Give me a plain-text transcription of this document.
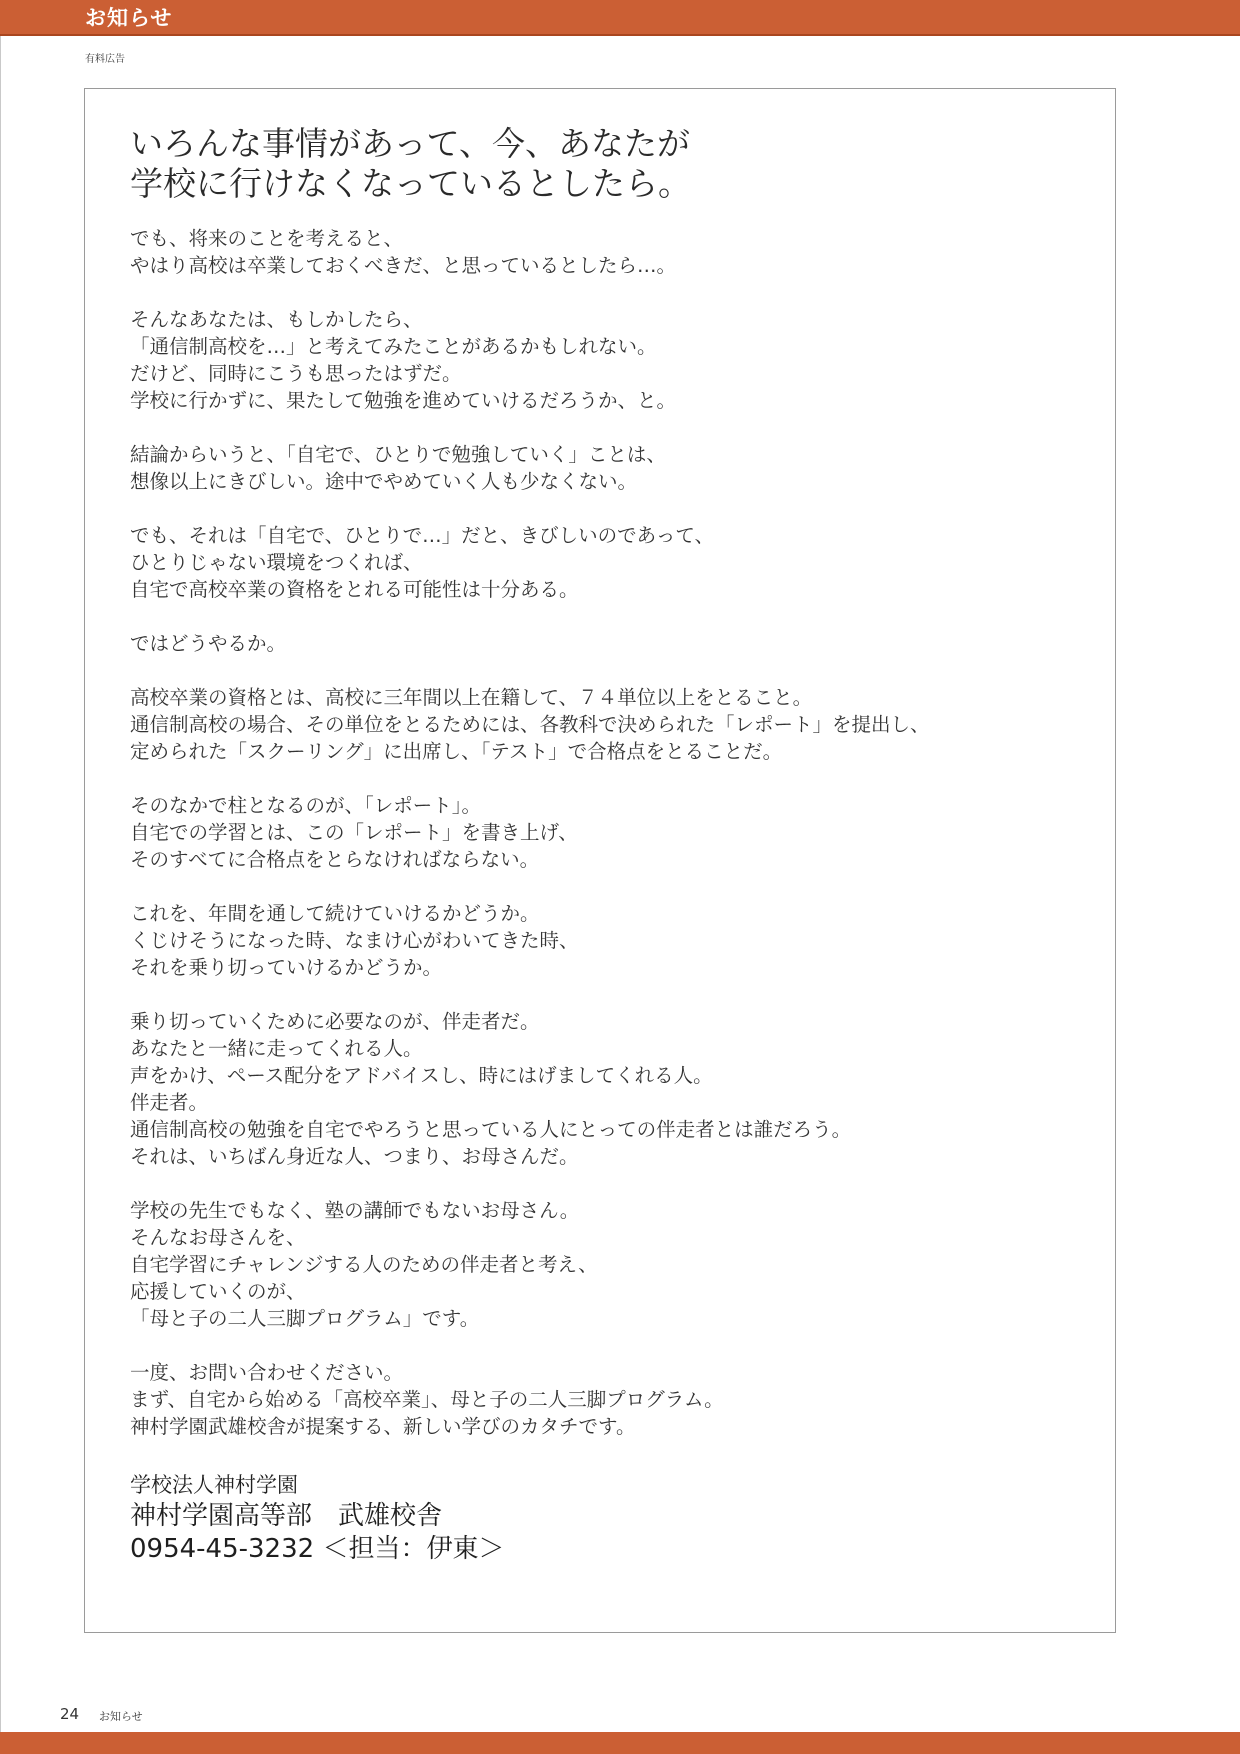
お知らせ
有料広告
いろんな事情があって、今、あなたが
学校に行けなくなっているとしたら。

でも、将来のことを考えると、
やはり高校は卒業しておくべきだ、と思っているとしたら…。

そんなあなたは、もしかしたら、
「通信制高校を…」と考えてみたことがあるかもしれない。
だけど、同時にこうも思ったはずだ。
学校に行かずに、果たして勉強を進めていけるだろうか、と。

結論からいうと、「自宅で、ひとりで勉強していく」ことは、
想像以上にきびしい。途中でやめていく人も少なくない。

でも、それは「自宅で、ひとりで…」だと、きびしいのであって、
ひとりじゃない環境をつくれば、
自宅で高校卒業の資格をとれる可能性は十分ある。

ではどうやるか。

高校卒業の資格とは、高校に三年間以上在籍して、７４単位以上をとること。
通信制高校の場合、その単位をとるためには、各教科で決められた「レポート」を提出し、
定められた「スクーリング」に出席し、「テスト」で合格点をとることだ。

そのなかで柱となるのが、「レポート」。
自宅での学習とは、この「レポート」を書き上げ、
そのすべてに合格点をとらなければならない。

これを、年間を通して続けていけるかどうか。
くじけそうになった時、なまけ心がわいてきた時、
それを乗り切っていけるかどうか。

乗り切っていくために必要なのが、伴走者だ。
あなたと一緒に走ってくれる人。
声をかけ、ペース配分をアドバイスし、時にはげましてくれる人。
伴走者。
通信制高校の勉強を自宅でやろうと思っている人にとっての伴走者とは誰だろう。
それは、いちばん身近な人、つまり、お母さんだ。

学校の先生でもなく、塾の講師でもないお母さん。
そんなお母さんを、
自宅学習にチャレンジする人のための伴走者と考え、
応援していくのが、
「母と子の二人三脚プログラム」です。

一度、お問い合わせください。
まず、自宅から始める「高校卒業」、母と子の二人三脚プログラム。
神村学園武雄校舎が提案する、新しい学びのカタチです。

学校法人神村学園
神村学園高等部　武雄校舎
0954-45-3232 ＜担当：伊東＞
24 お知らせ
